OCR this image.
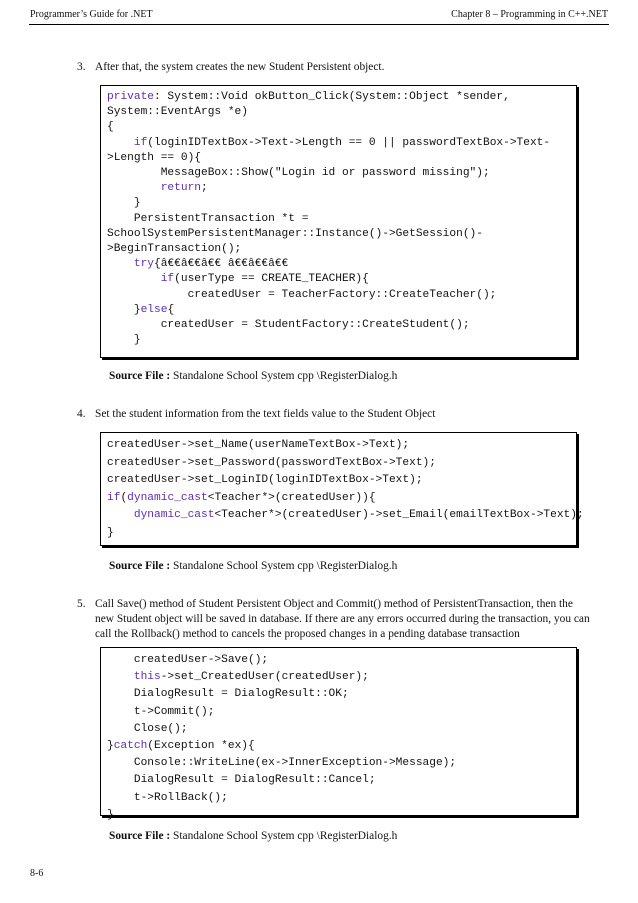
Programmer’s Guide for .NET	Chapter 8 – Programming in C++.NET
3. After that, the system creates the new Student Persistent object.
private: System::Void okButton_Click(System::Object *sender,
System::EventArgs *e)
{
if(loginIDTextBox->Text->Length == 0 || passwordTextBox->Text-
>Length == 0){
MessageBox::Show("Login id or password missing");
return;
}
PersistentTransaction *t =
SchoolSystemPersistentManager::Instance()->GetSession()-
>BeginTransaction();
try{â€€â€€â€€ â€€â€€â€€
if(userType == CREATE_TEACHER){
createdUser = TeacherFactory::CreateTeacher();
}else{
createdUser = StudentFactory::CreateStudent();
}
Source File : Standalone School System cpp \RegisterDialog.h
4. Set the student information from the text fields value to the Student Object
createdUser->set_Name(userNameTextBox->Text);
createdUser->set_Password(passwordTextBox->Text);
createdUser->set_LoginID(loginIDTextBox->Text);
if(dynamic_cast<Teacher*>(createdUser)){
dynamic_cast<Teacher*>(createdUser)->set_Email(emailTextBox->Text);
}
Source File : Standalone School System cpp \RegisterDialog.h
5. Call Save() method of Student Persistent Object and Commit() method of PersistentTransaction, then the
new Student object will be saved in database. If there are any errors occurred during the transaction, you can
call the Rollback() method to cancels the proposed changes in a pending database transaction
createdUser->Save();
this->set_CreatedUser(createdUser);
DialogResult = DialogResult::OK;
t->Commit();
Close();
}catch(Exception *ex){
Console::WriteLine(ex->InnerException->Message);
DialogResult = DialogResult::Cancel;
t->RollBack();
}
Source File : Standalone School System cpp \RegisterDialog.h
8-6
